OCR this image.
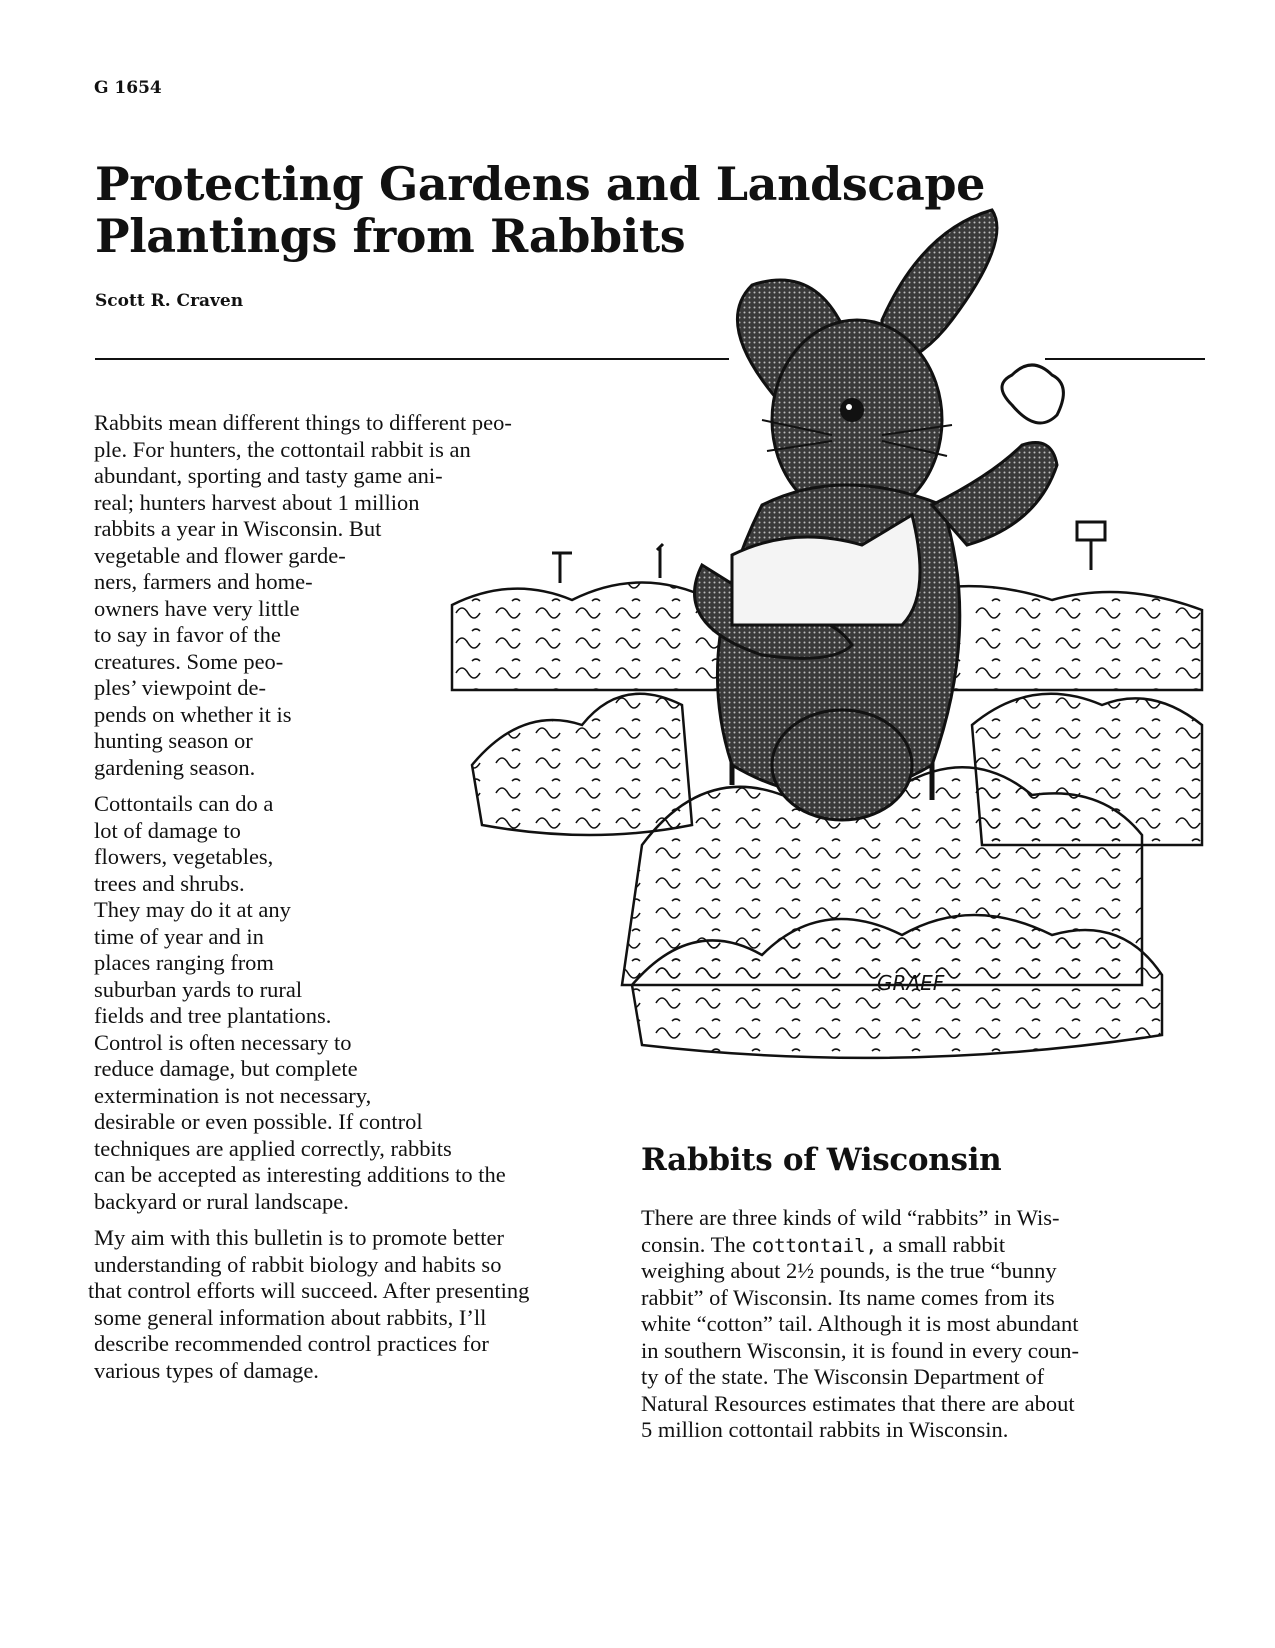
G 1654
Protecting Gardens and Landscape
Plantings from Rabbits
Scott R. Craven
GRAEF
Rabbits mean different things to different peo-
ple. For hunters, the cottontail rabbit is an
abundant, sporting and tasty game ani-
real; hunters harvest about 1 million
rabbits a year in Wisconsin. But
vegetable and flower garde-
ners, farmers and home-
owners have very little
to say in favor of the
creatures. Some peo-
ples’ viewpoint de-
pends on whether it is
hunting season or
gardening season.
Cottontails can do a
lot of damage to
flowers, vegetables,
trees and shrubs.
They may do it at any
time of year and in
places ranging from
suburban yards to rural
fields and tree plantations.
Control is often necessary to
reduce damage, but complete
extermination is not necessary,
desirable or even possible. If control
techniques are applied correctly, rabbits
can be accepted as interesting additions to the
backyard or rural landscape.
My aim with this bulletin is to promote better
understanding of rabbit biology and habits so
that control efforts will succeed. After presenting
some general information about rabbits, I’ll
describe recommended control practices for
various types of damage.
Rabbits of Wisconsin
There are three kinds of wild “rabbits” in Wis-
consin. The cottontail, a small rabbit
weighing about 2½ pounds, is the true “bunny
rabbit” of Wisconsin. Its name comes from its
white “cotton” tail. Although it is most abundant
in southern Wisconsin, it is found in every coun-
ty of the state. The Wisconsin Department of
Natural Resources estimates that there are about
5 million cottontail rabbits in Wisconsin.
